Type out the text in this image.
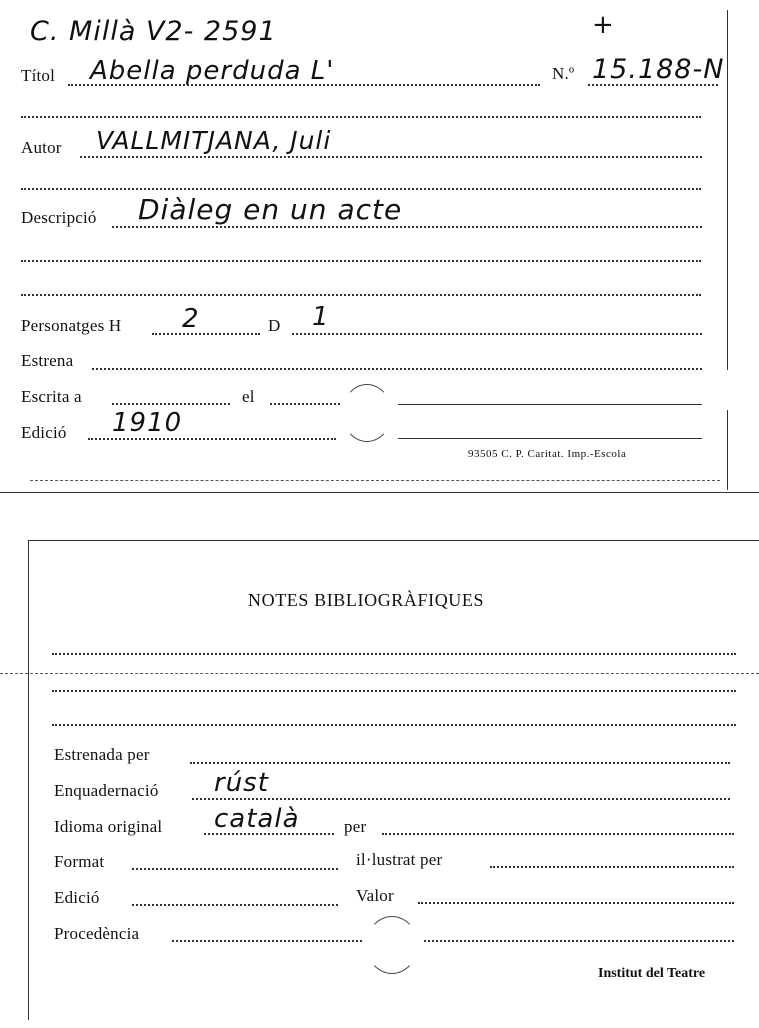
C. Millà V2- 2591	+
Títol Abella perduda L'	N.º 15.188-N
Autor VALLMITJANA, Juli
Descripció Diàleg en un acte
Personatges H 2	D 1
Estrena
Escrita a	el
Edició 1910
93505 C. P. Caritat. Imp.-Escola
NOTES BIBLIOGRÀFIQUES
Estrenada per
Enquadernació rúst
Idioma original català	per
Format	il·lustrat per
Edició	Valor
Procedència
Institut del Teatre
